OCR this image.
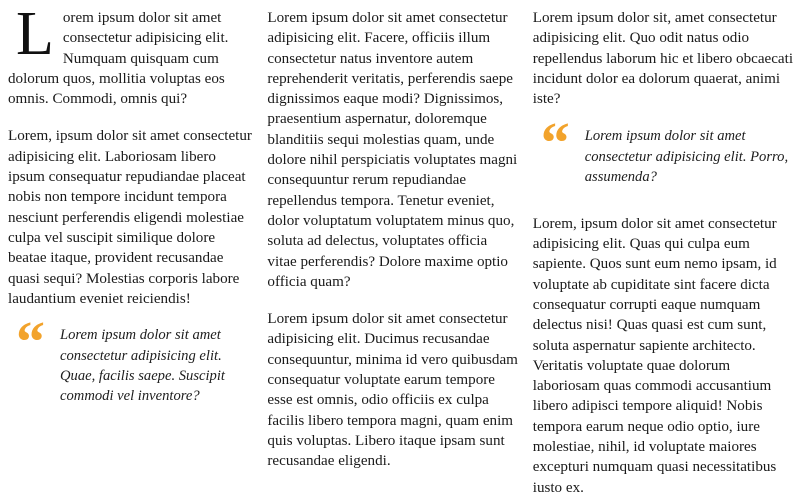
Lorem ipsum dolor sit amet consectetur adipisicing elit. Numquam quisquam cum dolorum quos, mollitia voluptas eos omnis. Commodi, omnis qui?

Lorem, ipsum dolor sit amet consectetur adipisicing elit. Laboriosam libero ipsum consequatur repudiandae placeat nobis non tempore incidunt tempora nesciunt perferendis eligendi molestiae culpa vel suscipit similique dolore beatae itaque, provident recusandae quasi sequi? Molestias corporis labore laudantium eveniet reiciendis!

“ Lorem ipsum dolor sit amet consectetur adipisicing elit. Quae, facilis saepe. Suscipit commodi vel inventore?

Lorem ipsum dolor sit amet consectetur adipisicing elit. Facere, officiis illum consectetur natus inventore autem reprehenderit veritatis, perferendis saepe dignissimos eaque modi? Dignissimos, praesentium aspernatur, doloremque blanditiis sequi molestias quam, unde dolore nihil perspiciatis voluptates magni consequuntur rerum repudiandae repellendus tempora. Tenetur eveniet, dolor voluptatum voluptatem minus quo, soluta ad delectus, voluptates officia vitae perferendis? Dolore maxime optio officia quam?

Lorem ipsum dolor sit amet consectetur adipisicing elit. Ducimus recusandae consequuntur, minima id vero quibusdam consequatur voluptate earum tempore esse est omnis, odio officiis ex culpa facilis libero tempora magni, quam enim quis voluptas. Libero itaque ipsam sunt recusandae eligendi.

Lorem ipsum dolor sit, amet consectetur adipisicing elit. Quo odit natus odio repellendus laborum hic et libero obcaecati incidunt dolor ea dolorum quaerat, animi iste?

“ Lorem ipsum dolor sit amet consectetur adipisicing elit. Porro, assumenda?

Lorem, ipsum dolor sit amet consectetur adipisicing elit. Quas qui culpa eum sapiente. Quos sunt eum nemo ipsam, id voluptate ab cupiditate sint facere dicta consequatur corrupti eaque numquam delectus nisi! Quas quasi est cum sunt, soluta aspernatur sapiente architecto. Veritatis voluptate quae dolorum laboriosam quas commodi accusantium libero adipisci tempore aliquid! Nobis tempora earum neque odio optio, iure molestiae, nihil, id voluptate maiores excepturi numquam quasi necessitatibus iusto ex.
